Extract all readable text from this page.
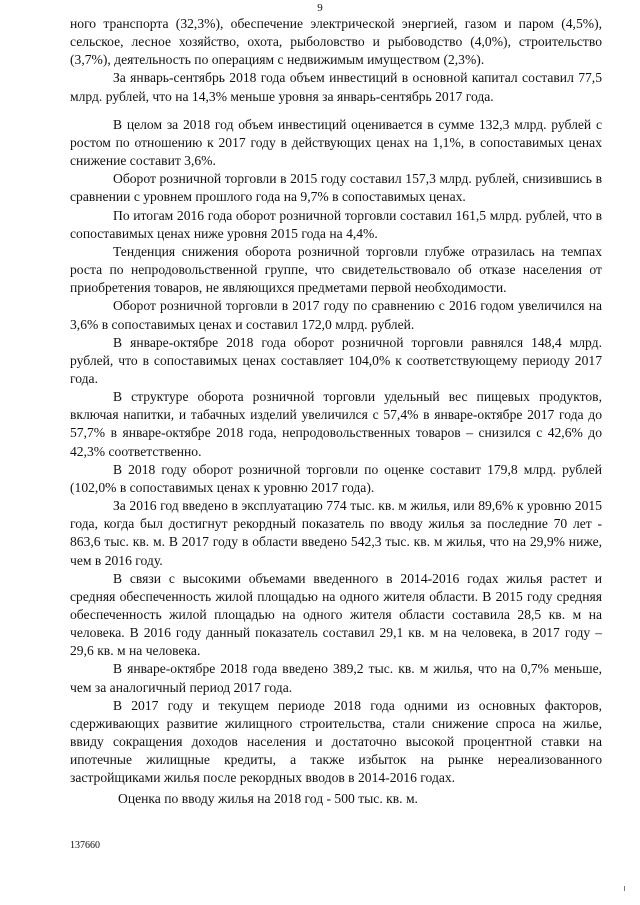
9

ного транспорта (32,3%), обеспечение электрической энергией, газом и паром (4,5%), сельское, лесное хозяйство, охота, рыболовство и рыбоводство (4,0%), строительство (3,7%), деятельность по операциям с недвижимым имуществом (2,3%).

За январь-сентябрь 2018 года объем инвестиций в основной капитал составил 77,5 млрд. рублей, что на 14,3% меньше уровня за январь-сентябрь 2017 года.

В целом за 2018 год объем инвестиций оценивается в сумме 132,3 млрд. рублей с ростом по отношению к 2017 году в действующих ценах на 1,1%, в сопоставимых ценах снижение составит 3,6%.

Оборот розничной торговли в 2015 году составил 157,3 млрд. рублей, снизившись в сравнении с уровнем прошлого года на 9,7% в сопоставимых ценах.

По итогам 2016 года оборот розничной торговли составил 161,5 млрд. рублей, что в сопоставимых ценах ниже уровня 2015 года на 4,4%.

Тенденция снижения оборота розничной торговли глубже отразилась на темпах роста по непродовольственной группе, что свидетельствовало об отказе населения от приобретения товаров, не являющихся предметами первой необходимости.

Оборот розничной торговли в 2017 году по сравнению с 2016 годом увеличился на 3,6% в сопоставимых ценах и составил 172,0 млрд. рублей.

В январе-октябре 2018 года оборот розничной торговли равнялся 148,4 млрд. рублей, что в сопоставимых ценах составляет 104,0% к соответствующему периоду 2017 года.

В структуре оборота розничной торговли удельный вес пищевых продуктов, включая напитки, и табачных изделий увеличился с 57,4% в январе-октябре 2017 года до 57,7% в январе-октябре 2018 года, непродовольственных товаров – снизился с 42,6% до 42,3% соответственно.

В 2018 году оборот розничной торговли по оценке составит 179,8 млрд. рублей (102,0% в сопоставимых ценах к уровню 2017 года).

За 2016 год введено в эксплуатацию 774 тыс. кв. м жилья, или 89,6% к уровню 2015 года, когда был достигнут рекордный показатель по вводу жилья за последние 70 лет - 863,6 тыс. кв. м. В 2017 году в области введено 542,3 тыс. кв. м жилья, что на 29,9% ниже, чем в 2016 году.

В связи с высокими объемами введенного в 2014-2016 годах жилья растет и средняя обеспеченность жилой площадью на одного жителя области. В 2015 году средняя обеспеченность жилой площадью на одного жителя области составила 28,5 кв. м на человека. В 2016 году данный показатель составил 29,1 кв. м на человека, в 2017 году – 29,6 кв. м на человека.

В январе-октябре 2018 года введено 389,2 тыс. кв. м жилья, что на 0,7% меньше, чем за аналогичный период 2017 года.

В 2017 году и текущем периоде 2018 года одними из основных факторов, сдерживающих развитие жилищного строительства, стали снижение спроса на жилье, ввиду сокращения доходов населения и достаточно высокой процентной ставки на ипотечные жилищные кредиты, а также избыток на рынке нереализованного застройщиками жилья после рекордных вводов в 2014-2016 годах.

Оценка по вводу жилья на 2018 год - 500 тыс. кв. м.

137660
